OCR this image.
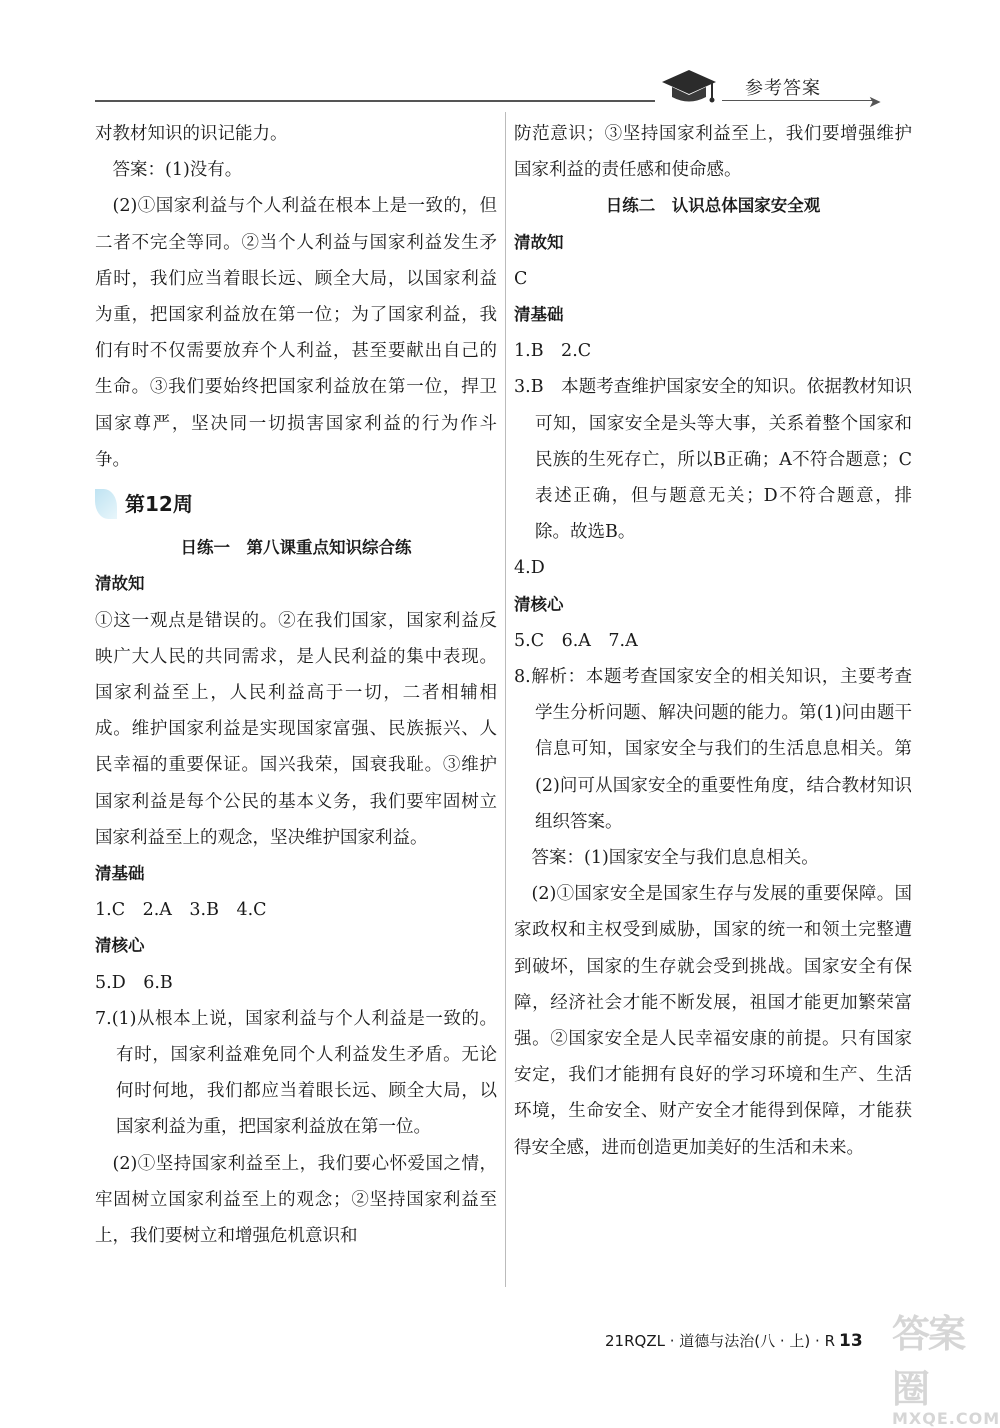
➤
参考答案

对教材知识的识记能力。

答案：(1)没有。

(2)①国家利益与个人利益在根本上是一致的，但二者不完全等同。②当个人利益与国家利益发生矛盾时，我们应当着眼长远、顾全大局，以国家利益为重，把国家利益放在第一位；为了国家利益，我们有时不仅需要放弃个人利益，甚至要献出自己的生命。③我们要始终把国家利益放在第一位，捍卫国家尊严，坚决同一切损害国家利益的行为作斗争。

第12周

日练一　第八课重点知识综合练

清故知

①这一观点是错误的。②在我们国家，国家利益反映广大人民的共同需求，是人民利益的集中表现。国家利益至上，人民利益高于一切，二者相辅相成。维护国家利益是实现国家富强、民族振兴、人民幸福的重要保证。国兴我荣，国衰我耻。③维护国家利益是每个公民的基本义务，我们要牢固树立国家利益至上的观念，坚决维护国家利益。

清基础

1.C　2.A　3.B　4.C

清核心

5.D　6.B

7.(1)从根本上说，国家利益与个人利益是一致的。有时，国家利益难免同个人利益发生矛盾。无论何时何地，我们都应当着眼长远、顾全大局，以国家利益为重，把国家利益放在第一位。

(2)①坚持国家利益至上，我们要心怀爱国之情，牢固树立国家利益至上的观念；②坚持国家利益至上，我们要树立和增强危机意识和

防范意识；③坚持国家利益至上，我们要增强维护国家利益的责任感和使命感。

日练二　认识总体国家安全观

清故知

C

清基础

1.B　2.C

3.B　本题考查维护国家安全的知识。依据教材知识可知，国家安全是头等大事，关系着整个国家和民族的生死存亡，所以B正确；A不符合题意；C表述正确，但与题意无关；D不符合题意，排除。故选B。

4.D

清核心

5.C　6.A　7.A

8.解析：本题考查国家安全的相关知识，主要考查学生分析问题、解决问题的能力。第(1)问由题干信息可知，国家安全与我们的生活息息相关。第(2)问可从国家安全的重要性角度，结合教材知识组织答案。

答案：(1)国家安全与我们息息相关。

(2)①国家安全是国家生存与发展的重要保障。国家政权和主权受到威胁，国家的统一和领土完整遭到破坏，国家的生存就会受到挑战。国家安全有保障，经济社会才能不断发展，祖国才能更加繁荣富强。②国家安全是人民幸福安康的前提。只有国家安定，我们才能拥有良好的学习环境和生产、生活环境，生命安全、财产安全才能得到保障，才能获得安全感，进而创造更加美好的生活和未来。

21RQZL · 道德与法治(八 · 上) · R 13 答案圈
MXQE.COM
